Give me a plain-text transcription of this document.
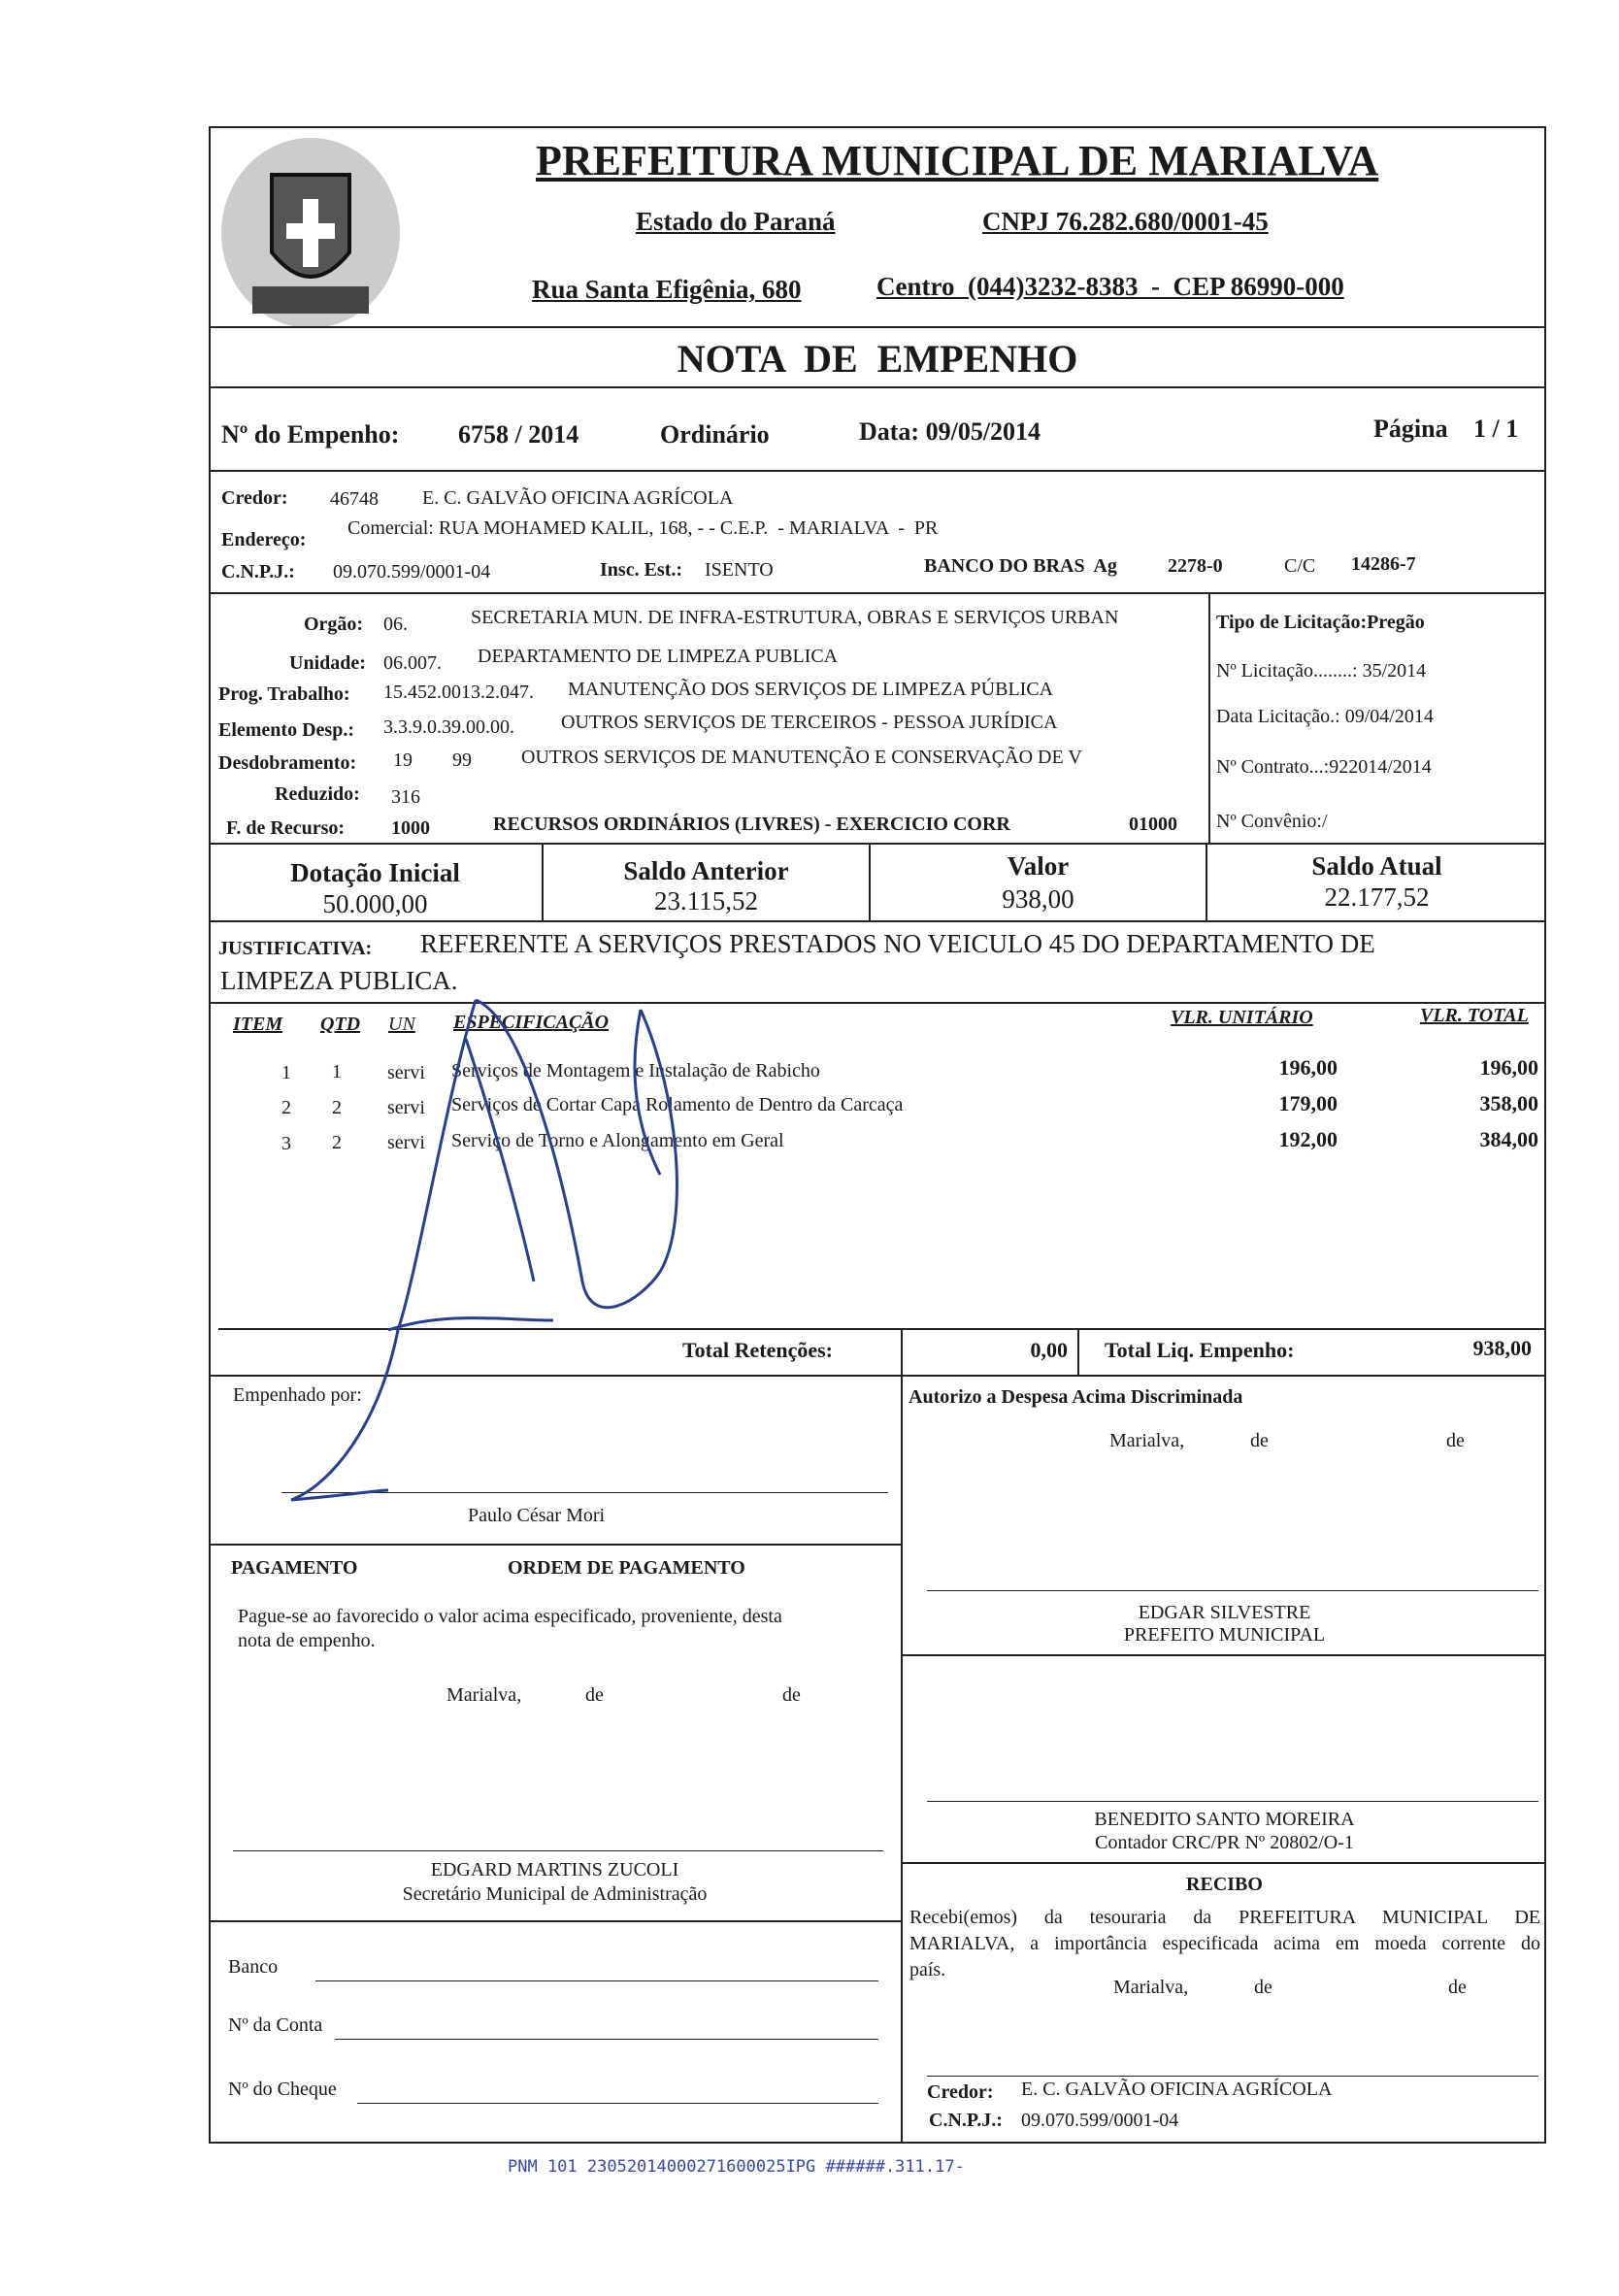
PREFEITURA MUNICIPAL DE MARIALVA
Estado do Paraná	CNPJ 76.282.680/0001-45
Rua Santa Efigênia, 680	Centro  (044)3232-8383  -  CEP 86990-000
NOTA  DE  EMPENHO
Nº do Empenho: 6758 / 2014	Ordinário	Data: 09/05/2014	Página 1 / 1
Credor: 46748 E. C. GALVÃO OFICINA AGRÍCOLA
Endereço:
Comercial: RUA MOHAMED KALIL, 168, - - C.E.P.  - MARIALVA  -  PR
C.N.P.J.: 09.070.599/0001-04	Insc. Est.: ISENTO	BANCO DO BRAS  Ag	2278-0	C/C 14286-7
Orgão: 06.	SECRETARIA MUN. DE INFRA-ESTRUTURA, OBRAS E SERVIÇOS URBAN
Unidade: 06.007. DEPARTAMENTO DE LIMPEZA PUBLICA
Prog. Trabalho: 15.452.0013.2.047. MANUTENÇÃO DOS SERVIÇOS DE LIMPEZA PÚBLICA
Elemento Desp.: 3.3.9.0.39.00.00. OUTROS SERVIÇOS DE TERCEIROS - PESSOA JURÍDICA
Desdobramento: 19 99	OUTROS SERVIÇOS DE MANUTENÇÃO E CONSERVAÇÃO DE V
Reduzido: 316
F. de Recurso: 1000	RECURSOS ORDINÁRIOS (LIVRES) - EXERCICIO CORR	01000
Tipo de Licitação:Pregão
Nº Licitação........: 35/2014
Data Licitação.: 09/04/2014
Nº Contrato...:922014/2014
Nº Convênio:/
Dotação Inicial
50.000,00
Saldo Anterior
23.115,52
Valor
938,00
Saldo Atual
22.177,52
JUSTIFICATIVA: REFERENTE A SERVIÇOS PRESTADOS NO VEICULO 45 DO DEPARTAMENTO DE
LIMPEZA PUBLICA.
ITEM QTD UN ESPECIFICAÇÃO	VLR. UNITÁRIO	VLR. TOTAL
1 1 servi Serviços de Montagem e Instalação de Rabicho	196,00	196,00
2 2 servi Serviços de Cortar Capa Rolamento de Dentro da Carcaça	179,00	358,00
3 2 servi Serviço de Torno e Alongamento em Geral	192,00	384,00
Total Retenções:	0,00 Total Liq. Empenho:	938,00
Empenhado por:
Paulo César Mori
Autorizo a Despesa Acima Discriminada
Marialva,	de	de
EDGAR SILVESTRE
PREFEITO MUNICIPAL
PAGAMENTO	ORDEM DE PAGAMENTO
Pague-se ao favorecido o valor acima especificado, proveniente, desta
nota de empenho.
Marialva,	de	de
BENEDITO SANTO MOREIRA
Contador CRC/PR Nº 20802/O-1
EDGARD MARTINS ZUCOLI
Secretário Municipal de Administração	RECIBO
Recebi(emos) da tesouraria da PREFEITURA MUNICIPAL DE
MARIALVA, a importância especificada acima em moeda corrente do
país.
Marialva,	de	de
Banco
Nº da Conta
Nº do Cheque	Credor: E. C. GALVÃO OFICINA AGRÍCOLA
C.N.P.J.: 09.070.599/0001-04
PNM 101 23052014000271600025IPG ######.311.17-
